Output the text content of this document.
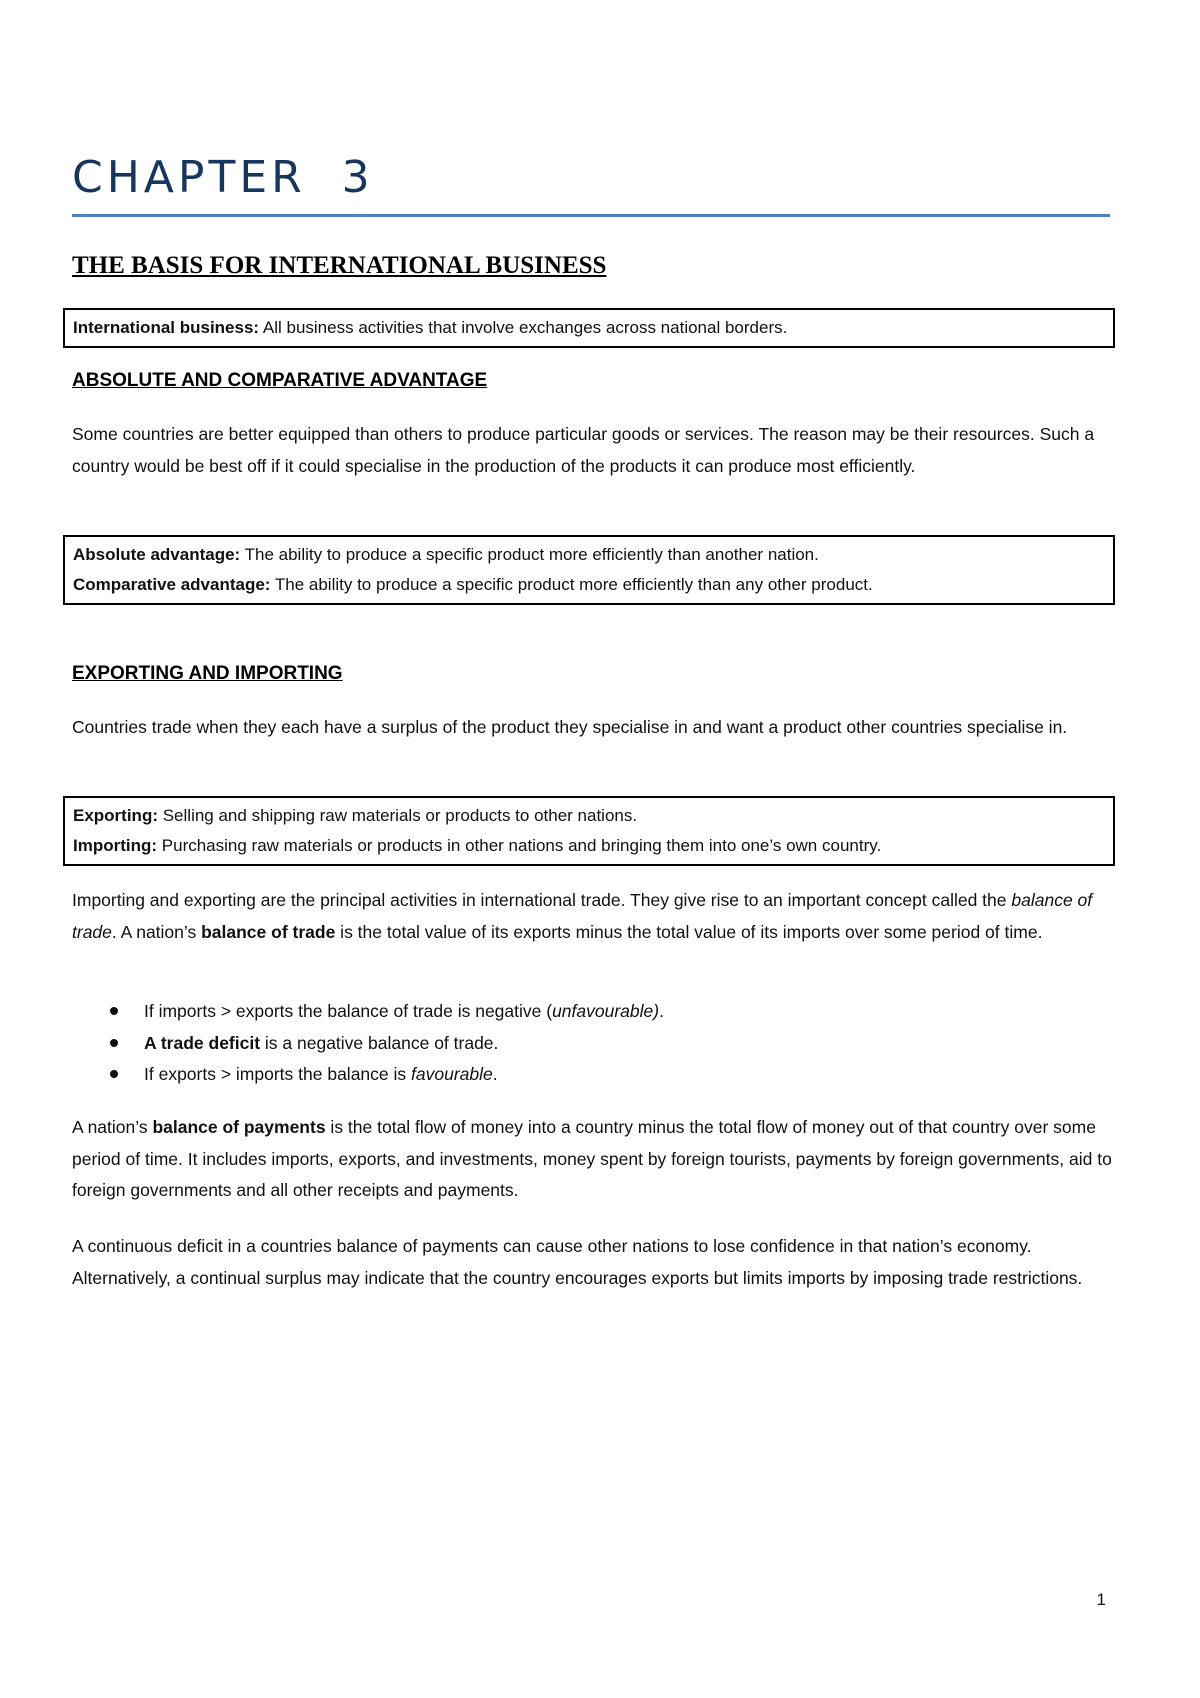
CHAPTER  3
THE BASIS FOR INTERNATIONAL BUSINESS

International business: All business activities that involve exchanges across national borders.

ABSOLUTE AND COMPARATIVE ADVANTAGE

Some countries are better equipped than others to produce particular goods or services. The reason may be their resources. Such a country would be best off if it could specialise in the production of the products it can produce most efficiently.

Absolute advantage: The ability to produce a specific product more efficiently than another nation.

Comparative advantage: The ability to produce a specific product more efficiently than any other product.

EXPORTING AND IMPORTING

Countries trade when they each have a surplus of the product they specialise in and want a product other countries specialise in.

Exporting: Selling and shipping raw materials or products to other nations.

Importing: Purchasing raw materials or products in other nations and bringing them into one’s own country.

Importing and exporting are the principal activities in international trade. They give rise to an important concept called the balance of trade. A nation’s balance of trade is the total value of its exports minus the total value of its imports over some period of time.

If imports > exports the balance of trade is negative (unfavourable).
A trade deficit is a negative balance of trade.
If exports > imports the balance is favourable.

A nation’s balance of payments is the total flow of money into a country minus the total flow of money out of that country over some period of time. It includes imports, exports, and investments, money spent by foreign tourists, payments by foreign governments, aid to foreign governments and all other receipts and payments.

A continuous deficit in a countries balance of payments can cause other nations to lose confidence in that nation’s economy. Alternatively, a continual surplus may indicate that the country encourages exports but limits imports by imposing trade restrictions.

1
